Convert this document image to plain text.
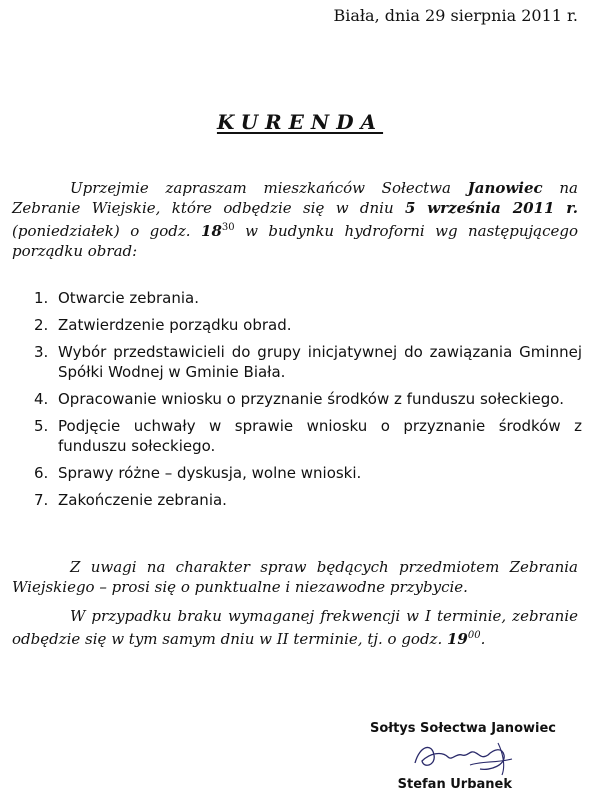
Biała, dnia 29 sierpnia 2011 r.
KURENDA

Uprzejmie zapraszam mieszkańców Sołectwa Janowiec na Zebranie Wiejskie, które odbędzie się w dniu 5 września 2011 r. (poniedziałek) o godz. $18^{30}$ w budynku hydroforni wg następującego porządku obrad:

1. Otwarcie zebrania.
2. Zatwierdzenie porządku obrad.
3. Wybór przedstawicieli do grupy inicjatywnej do zawiązania Gminnej Spółki Wodnej w Gminie Biała.
4. Opracowanie wniosku o przyznanie środków z funduszu sołeckiego.
5. Podjęcie uchwały w sprawie wniosku o przyznanie środków z funduszu sołeckiego.
6. Sprawy różne – dyskusja, wolne wnioski.
7. Zakończenie zebrania.

Z uwagi na charakter spraw będących przedmiotem Zebrania Wiejskiego – prosi się o punktualne i niezawodne przybycie.

W przypadku braku wymaganej frekwencji w I terminie, zebranie odbędzie się w tym samym dniu w II terminie, tj. o godz. $19^{00}$.

Sołtys Sołectwa Janowiec
Stefan Urbanek
